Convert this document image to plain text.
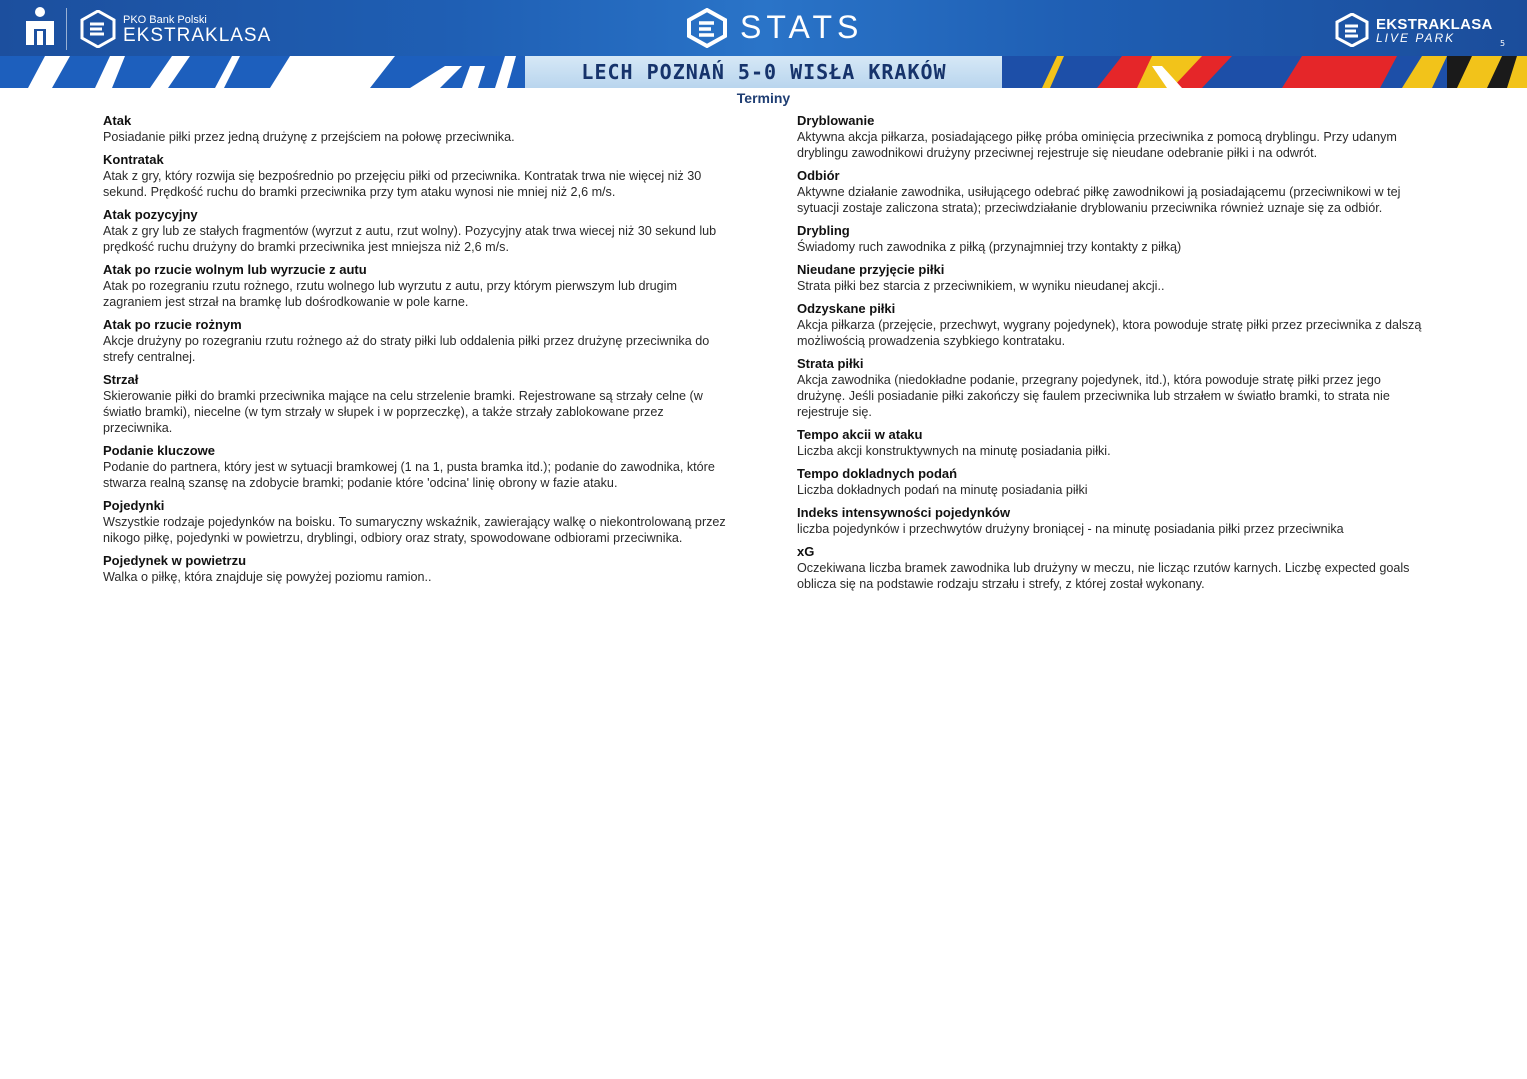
PKO Bank Polski
EKSTRAKLASA	STATS	EKSTRAKLASA
LIVE PARK	5
LECH POZNAŃ 5-0 WISŁA KRAKÓW
Terminy
Atak
Posiadanie piłki przez jedną drużynę z przejściem na połowę przeciwnika.
Kontratak
Atak z gry, który rozwija się bezpośrednio po przejęciu piłki od przeciwnika. Kontratak trwa nie więcej niż 30 sekund. Prędkość ruchu do bramki przeciwnika przy tym ataku wynosi nie mniej niż 2,6 m/s.
Atak pozycyjny
Atak z gry lub ze stałych fragmentów (wyrzut z autu, rzut wolny). Pozycyjny atak trwa wiecej niż 30 sekund lub prędkość ruchu drużyny do bramki przeciwnika jest mniejsza niż 2,6 m/s.
Atak po rzucie wolnym lub wyrzucie z autu
Atak po rozegraniu rzutu rożnego, rzutu wolnego lub wyrzutu z autu, przy którym pierwszym lub drugim zagraniem jest strzał na bramkę lub dośrodkowanie w pole karne.
Atak po rzucie rożnym
Akcje drużyny po rozegraniu rzutu rożnego aż do straty piłki lub oddalenia piłki przez drużynę przeciwnika do strefy centralnej.
Strzał
Skierowanie piłki do bramki przeciwnika mające na celu strzelenie bramki. Rejestrowane są strzały celne (w światło bramki), niecelne (w tym strzały w słupek i w poprzeczkę), a także strzały zablokowane przez przeciwnika.
Podanie kluczowe
Podanie do partnera, który jest w sytuacji bramkowej (1 na 1, pusta bramka itd.); podanie do zawodnika, które stwarza realną szansę na zdobycie bramki; podanie które 'odcina' linię obrony w fazie ataku.
Pojedynki
Wszystkie rodzaje pojedynków na boisku. To sumaryczny wskaźnik, zawierający walkę o niekontrolowaną przez nikogo piłkę, pojedynki w powietrzu, dryblingi, odbiory oraz straty, spowodowane odbiorami przeciwnika.
Pojedynek w powietrzu
Walka o piłkę, która znajduje się powyżej poziomu ramion..
Dryblowanie
Aktywna akcja piłkarza, posiadającego piłkę próba ominięcia przeciwnika z pomocą dryblingu. Przy udanym dryblingu zawodnikowi drużyny przeciwnej rejestruje się nieudane odebranie piłki i na odwrót.
Odbiór
Aktywne działanie zawodnika, usiłującego odebrać piłkę zawodnikowi ją posiadającemu (przeciwnikowi w tej sytuacji zostaje zaliczona strata); przeciwdziałanie dryblowaniu przeciwnika również uznaje się za odbiór.
Drybling
Świadomy ruch zawodnika z piłką (przynajmniej trzy kontakty z piłką)
Nieudane przyjęcie piłki
Strata piłki bez starcia z przeciwnikiem, w wyniku nieudanej akcji..
Odzyskane piłki
Akcja piłkarza (przejęcie, przechwyt, wygrany pojedynek), ktora powoduje stratę piłki przez przeciwnika z dalszą możliwością prowadzenia szybkiego kontrataku.
Strata piłki
Akcja zawodnika (niedokładne podanie, przegrany pojedynek, itd.), która powoduje stratę piłki przez jego drużynę. Jeśli posiadanie piłki zakończy się faulem przeciwnika lub strzałem w światło bramki, to strata nie rejestruje się.
Tempo akcii w ataku
Liczba akcji konstruktywnych na minutę posiadania piłki.
Tempo dokladnych podań
Liczba dokładnych podań na minutę posiadania piłki
Indeks intensywności pojedynków
liczba pojedynków i przechwytów drużyny broniącej - na minutę posiadania piłki przez przeciwnika
xG
Oczekiwana liczba bramek zawodnika lub drużyny w meczu, nie licząc rzutów karnych. Liczbę expected goals oblicza się na podstawie rodzaju strzału i strefy, z której został wykonany.
